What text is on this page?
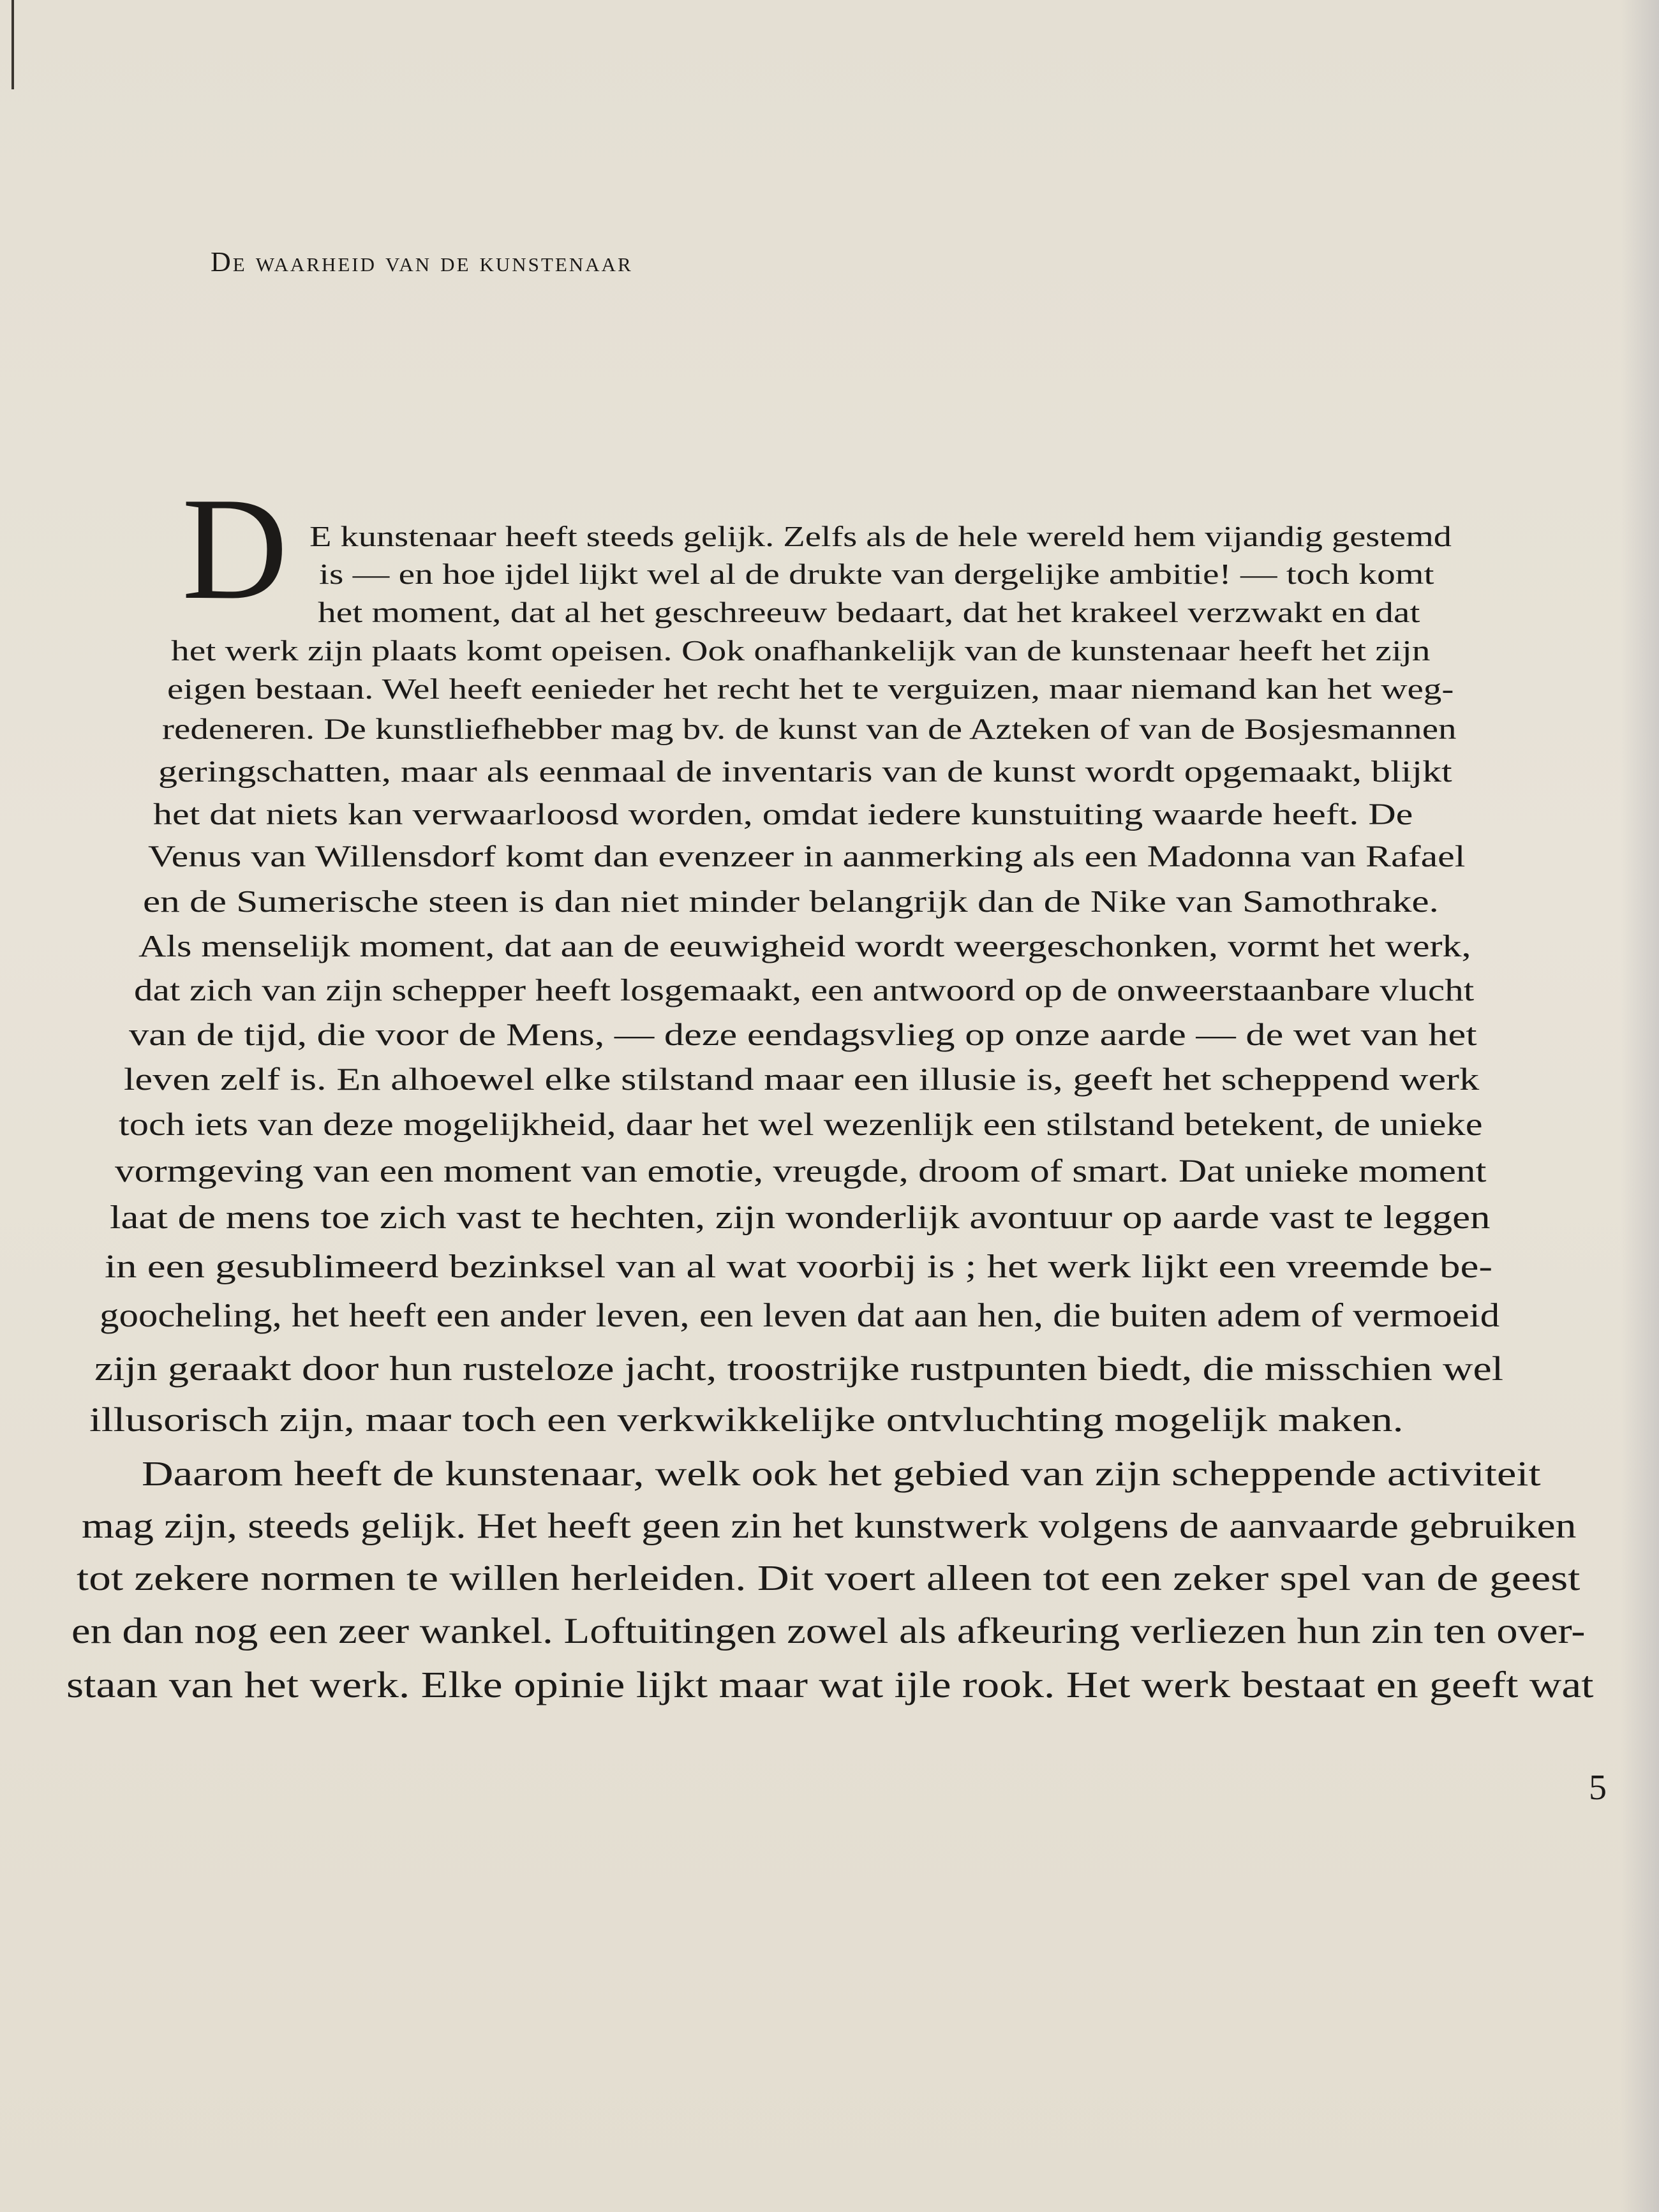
De waarheid van de kunstenaar
D E kunstenaar heeft steeds gelijk. Zelfs als de hele wereld hem vijandig gestemd
is — en hoe ijdel lijkt wel al de drukte van dergelijke ambitie! — toch komt
het moment, dat al het geschreeuw bedaart, dat het krakeel verzwakt en dat
het werk zijn plaats komt opeisen. Ook onafhankelijk van de kunstenaar heeft het zijn
eigen bestaan. Wel heeft eenieder het recht het te verguizen, maar niemand kan het weg-
redeneren. De kunstliefhebber mag bv. de kunst van de Azteken of van de Bosjesmannen
geringschatten, maar als eenmaal de inventaris van de kunst wordt opgemaakt, blijkt
het dat niets kan verwaarloosd worden, omdat iedere kunstuiting waarde heeft. De
Venus van Willensdorf komt dan evenzeer in aanmerking als een Madonna van Rafael
en de Sumerische steen is dan niet minder belangrijk dan de Nike van Samothrake.
Als menselijk moment, dat aan de eeuwigheid wordt weergeschonken, vormt het werk,
dat zich van zijn schepper heeft losgemaakt, een antwoord op de onweerstaanbare vlucht
van de tijd, die voor de Mens, — deze eendagsvlieg op onze aarde — de wet van het
leven zelf is. En alhoewel elke stilstand maar een illusie is, geeft het scheppend werk
toch iets van deze mogelijkheid, daar het wel wezenlijk een stilstand betekent, de unieke
vormgeving van een moment van emotie, vreugde, droom of smart. Dat unieke moment
laat de mens toe zich vast te hechten, zijn wonderlijk avontuur op aarde vast te leggen
in een gesublimeerd bezinksel van al wat voorbij is ; het werk lijkt een vreemde be-
goocheling, het heeft een ander leven, een leven dat aan hen, die buiten adem of vermoeid
zijn geraakt door hun rusteloze jacht, troostrijke rustpunten biedt, die misschien wel
illusorisch zijn, maar toch een verkwikkelijke ontvluchting mogelijk maken.
Daarom heeft de kunstenaar, welk ook het gebied van zijn scheppende activiteit
mag zijn, steeds gelijk. Het heeft geen zin het kunstwerk volgens de aanvaarde gebruiken
tot zekere normen te willen herleiden. Dit voert alleen tot een zeker spel van de geest
en dan nog een zeer wankel. Loftuitingen zowel als afkeuring verliezen hun zin ten over-
staan van het werk. Elke opinie lijkt maar wat ijle rook. Het werk bestaat en geeft wat
5
